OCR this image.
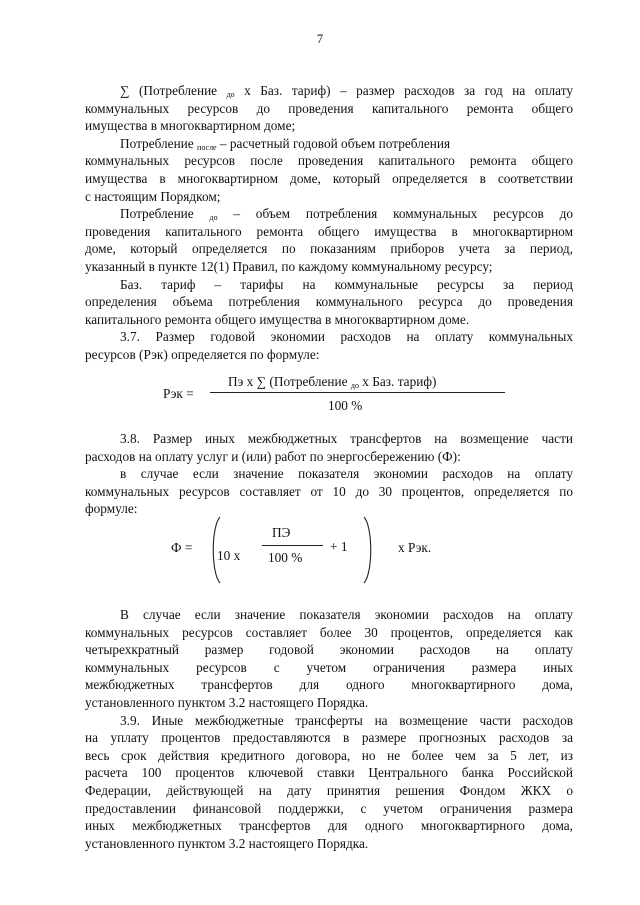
7

∑ (Потребление $_{до}$ х Баз. тариф) – размер расходов за год на оплату

коммунальных ресурсов до проведения капитального ремонта общего

имущества в многоквартирном доме;

Потребление $_{после}$ – расчетный годовой объем потребления

коммунальных ресурсов после проведения капитального ремонта общего

имущества в многоквартирном доме, который определяется в соответствии

с настоящим Порядком;

Потребление $_{до}$ – объем потребления коммунальных ресурсов до

проведения капитального ремонта общего имущества в многоквартирном

доме, который определяется по показаниям приборов учета за период,

указанный в пункте 12(1) Правил, по каждому коммунальному ресурсу;

Баз. тариф – тарифы на коммунальные ресурсы за период

определения объема потребления коммунального ресурса до проведения

капитального ремонта общего имущества в многоквартирном доме.

3.7. Размер годовой экономии расходов на оплату коммунальных

ресурсов (Рэк) определяется по формуле:

Рэк =
Пэ х ∑ (Потребление $_{до}$ х Баз. тариф)
100 %

3.8. Размер иных межбюджетных трансфертов на возмещение части

расходов на оплату услуг и (или) работ по энергосбережению (Ф):

в случае если значение показателя экономии расходов на оплату

коммунальных ресурсов составляет от 10 до 30 процентов, определяется по

формуле:

Ф =
10 х
ПЭ
100 %
+ 1	х Рэк.

В случае если значение показателя экономии расходов на оплату

коммунальных ресурсов составляет более 30 процентов, определяется как

четырехкратный размер годовой экономии расходов на оплату

коммунальных ресурсов с учетом ограничения размера иных

межбюджетных трансфертов для одного многоквартирного дома,

установленного пунктом 3.2 настоящего Порядка.

3.9. Иные межбюджетные трансферты на возмещение части расходов

на уплату процентов предоставляются в размере прогнозных расходов за

весь срок действия кредитного договора, но не более чем за 5 лет, из

расчета 100 процентов ключевой ставки Центрального банка Российской

Федерации, действующей на дату принятия решения Фондом ЖКХ о

предоставлении финансовой поддержки, с учетом ограничения размера

иных межбюджетных трансфертов для одного многоквартирного дома,

установленного пунктом 3.2 настоящего Порядка.
